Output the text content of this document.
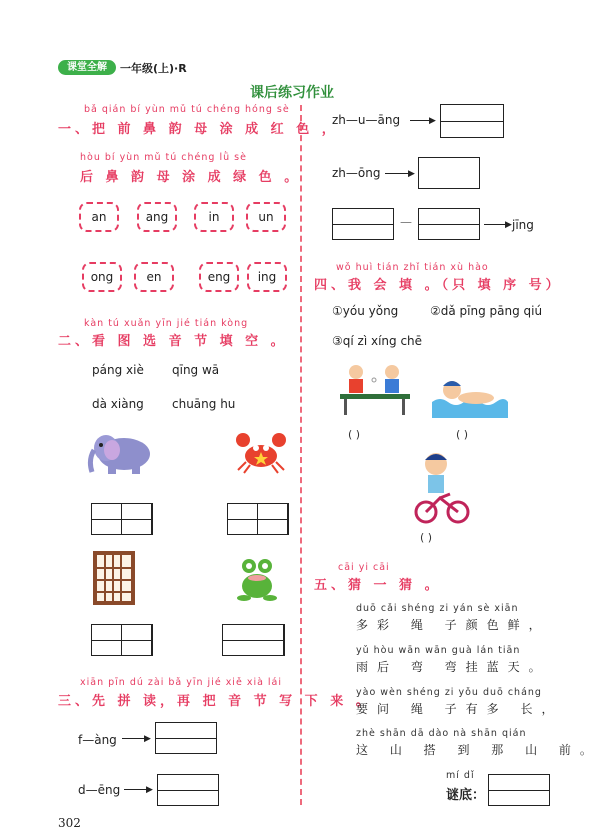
课堂全解	一年级(上)·R
课后练习作业
bǎ qián bí yùn mǔ tú chéng hóng sè
一、把 前 鼻 韵 母 涂 成 红 色 ，
hòu bí yùn mǔ tú chéng lǜ sè
后 鼻 韵 母 涂 成 绿 色 。
an	ang	in	un
ong	en	eng	ing
kàn tú xuǎn yīn jié tián kòng
二、看 图 选 音 节 填 空 。
páng xiè qīng wā
dà xiàng chuāng hu
xiān pīn dú zài bǎ yīn jié xiě xià lái
三、先 拼 读，再 把 音 节 写 下 来 。
f—àng	▶
d—ēng	▶
zh—u—āng	▶
zh—ōng	▶
—	▶ jīng
wǒ huì tián zhǐ tián xù hào
四、我 会 填 。（只 填 序 号）
①yóu yǒng	②dǎ pīng pāng qiú
③qí zì xíng chē
( )	( )
( )
cāi yi cāi
五、猜 一 猜 。
duō cǎi shéng zi yán sè xiān
多彩 绳 子颜色鲜，
yǔ hòu wān wān guà lán tiān
雨后 弯 弯挂蓝天。
yào wèn shéng zi yǒu duō cháng
要问 绳 子有多 长，
zhè shān dā dào nà shān qián
这 山 搭 到 那 山 前。
mí dǐ
谜底：
302
